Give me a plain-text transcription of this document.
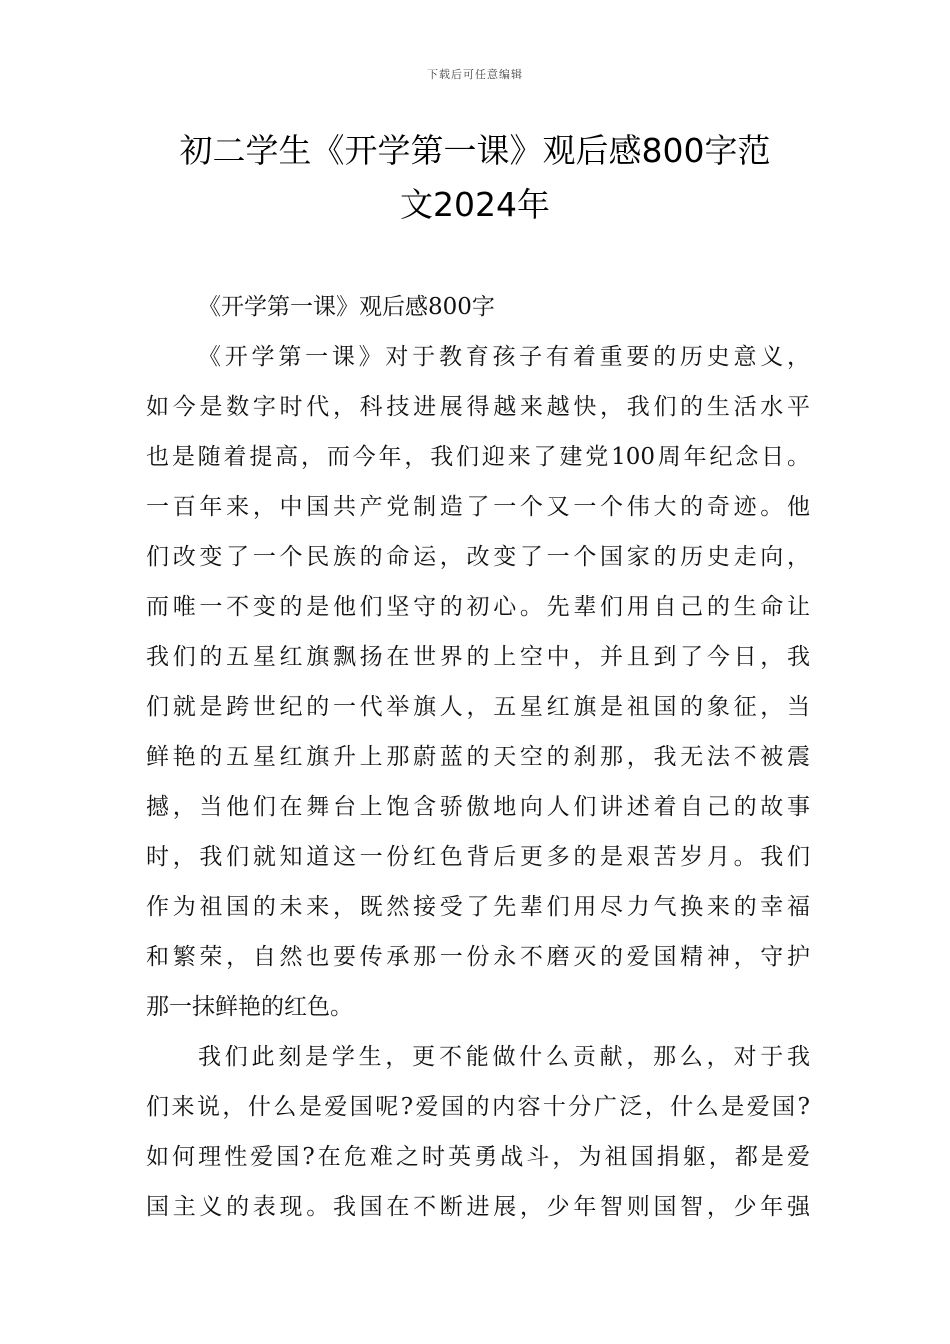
下载后可任意编辑
初二学生《开学第一课》观后感800字范
文2024年
《开学第一课》观后感800字
《开学第一课》对于教育孩子有着重要的历史意义，
如今是数字时代，科技进展得越来越快，我们的生活水平
也是随着提高，而今年，我们迎来了建党100周年纪念日。
一百年来，中国共产党制造了一个又一个伟大的奇迹。他
们改变了一个民族的命运，改变了一个国家的历史走向，
而唯一不变的是他们坚守的初心。先辈们用自己的生命让
我们的五星红旗飘扬在世界的上空中，并且到了今日，我
们就是跨世纪的一代举旗人，五星红旗是祖国的象征，当
鲜艳的五星红旗升上那蔚蓝的天空的刹那，我无法不被震
撼，当他们在舞台上饱含骄傲地向人们讲述着自己的故事
时，我们就知道这一份红色背后更多的是艰苦岁月。我们
作为祖国的未来，既然接受了先辈们用尽力气换来的幸福
和繁荣，自然也要传承那一份永不磨灭的爱国精神，守护
那一抹鲜艳的红色。
我们此刻是学生，更不能做什么贡献，那么，对于我
们来说，什么是爱国呢?爱国的内容十分广泛，什么是爱国?
如何理性爱国?在危难之时英勇战斗，为祖国捐躯，都是爱
国主义的表现。我国在不断进展，少年智则国智，少年强
